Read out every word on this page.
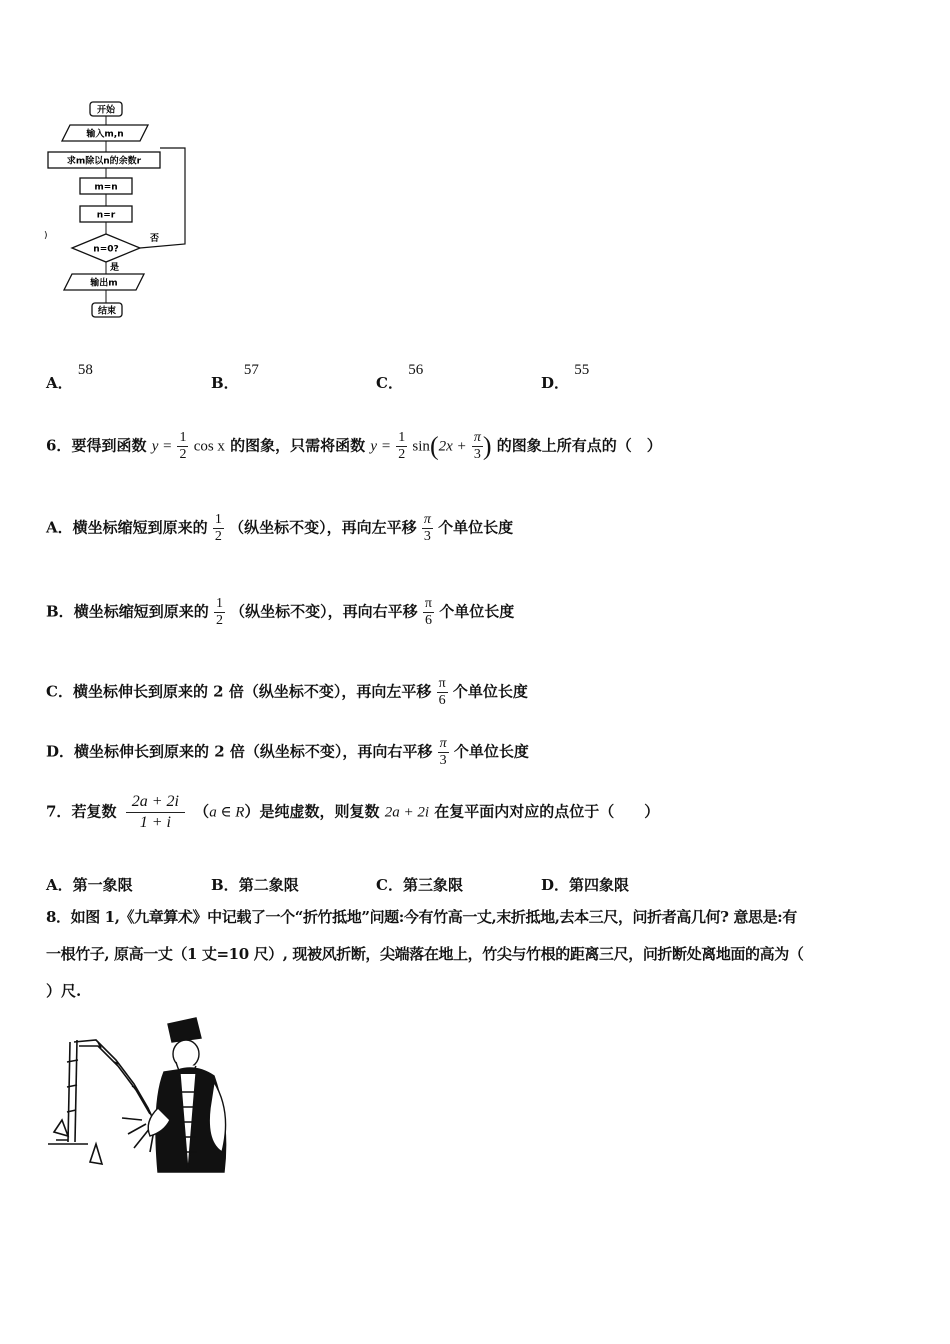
开始
输入m,n
求m除以n的余数r
m=n
n=r
n=0?
否
是
输出m
结束
)
A． 58
B． 57
C． 56
D． 55
6．要得到函数 $y = \frac{1}{2}$ cos x 的图象，只需将函数 $y = \frac{1}{2} \sin(2x + \frac{\pi}{3}$ ) 的图象上所有点的（　）
A．横坐标缩短到原来的 $\frac{1}{2}$ （纵坐标不变），再向左平移 $\frac{\pi}{3}$ 个单位长度
B．横坐标缩短到原来的 $\frac{1}{2}$ （纵坐标不变），再向右平移 $\frac{\pi}{6}$ 个单位长度
C．横坐标伸长到原来的 2 倍（纵坐标不变），再向左平移 $\frac{\pi}{6}$ 个单位长度
D．横坐标伸长到原来的 2 倍（纵坐标不变），再向右平移 $\frac{\pi}{3}$ 个单位长度
7．若复数 $\frac{2a + 2i}{1 + i} (a$ ∈ R）是纯虚数，则复数 2a + 2i 在复平面内对应的点位于（　　）
A．第一象限	B．第二象限	C．第三象限	D．第四象限
8．如图 1,《九章算术》中记载了一个“折竹抵地”问题:今有竹高一丈,末折抵地,去本三尺，问折者高几何? 意思是:有
一根竹子, 原高一丈（1 丈=10 尺）, 现被风折断，尖端落在地上，竹尖与竹根的距离三尺，问折断处离地面的高为（
）尺.
